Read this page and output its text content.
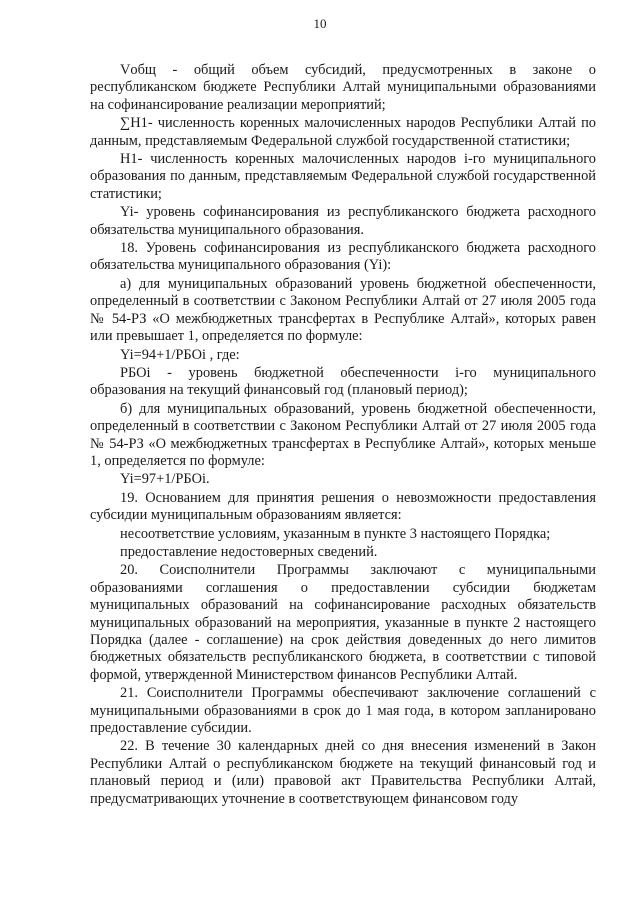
10

Vобщ - общий объем субсидий, предусмотренных в законе о республиканском бюджете Республики Алтай муниципальными образованиями на софинансирование реализации мероприятий;

∑H1- численность коренных малочисленных народов Республики Алтай по данным, представляемым Федеральной службой государственной статистики;

H1- численность коренных малочисленных народов i-го муниципального образования по данным, представляемым Федеральной службой государственной статистики;

Yi- уровень софинансирования из республиканского бюджета расходного обязательства муниципального образования.

18. Уровень софинансирования из республиканского бюджета расходного обязательства муниципального образования (Yi):

а) для муниципальных образований уровень бюджетной обеспеченности, определенный в соответствии с Законом Республики Алтай от 27 июля 2005 года № 54-РЗ «О межбюджетных трансфертах в Республике Алтай», которых равен или превышает 1, определяется по формуле:

Yi=94+1/РБОi , где:

РБОi - уровень бюджетной обеспеченности i-го муниципального образования на текущий финансовый год (плановый период);

б) для муниципальных образований, уровень бюджетной обеспеченности, определенный в соответствии с Законом Республики Алтай от 27 июля 2005 года № 54-РЗ «О межбюджетных трансфертах в Республике Алтай», которых меньше 1, определяется по формуле:

Yi=97+1/РБОi.

19. Основанием для принятия решения о невозможности предоставления субсидии муниципальным образованиям является:

несоответствие условиям, указанным в пункте 3 настоящего Порядка;

предоставление недостоверных сведений.

20. Соисполнители Программы заключают с муниципальными образованиями соглашения о предоставлении субсидии бюджетам муниципальных образований на софинансирование расходных обязательств муниципальных образований на мероприятия, указанные в пункте 2 настоящего Порядка (далее - соглашение) на срок действия доведенных до него лимитов бюджетных обязательств республиканского бюджета, в соответствии с типовой формой, утвержденной Министерством финансов Республики Алтай.

21. Соисполнители Программы обеспечивают заключение соглашений с муниципальными образованиями в срок до 1 мая года, в котором запланировано предоставление субсидии.

22. В течение 30 календарных дней со дня внесения изменений в Закон Республики Алтай о республиканском бюджете на текущий финансовый год и плановый период и (или) правовой акт Правительства Республики Алтай, предусматривающих уточнение в соответствующем финансовом году
